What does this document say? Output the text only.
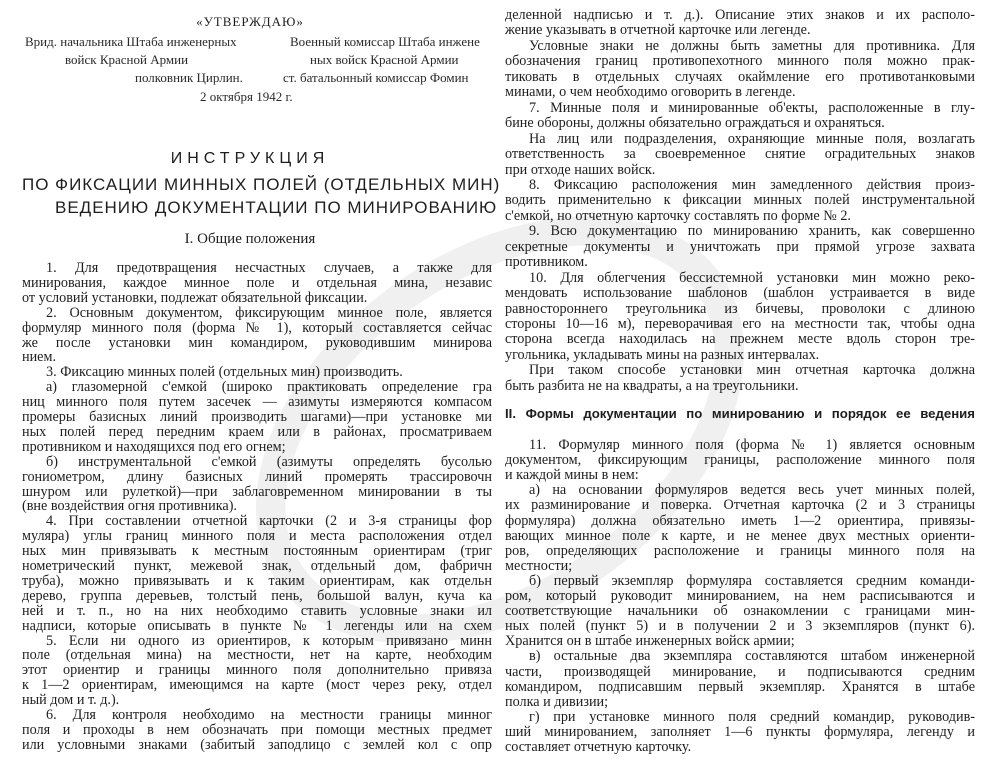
«УТВЕРЖДАЮ»
Врид. начальника Штаба инженерных
войск Красной Армии
полковник Цирлин.
Военный комиссар Штаба инжене
ных войск Красной Армии
ст. батальонный комиссар Фомин
2 октября 1942 г.
ИНСТРУКЦИЯ
ПО ФИКСАЦИИ МИННЫХ ПОЛЕЙ (ОТДЕЛЬНЫХ МИН)
ВЕДЕНИЮ ДОКУМЕНТАЦИИ ПО МИНИРОВАНИЮ
I. Общие положения
1. Для предотвращения несчастных случаев, а также для
минирования, каждое минное поле и отдельная мина, независ
от условий установки, подлежат обязательной фиксации.
2. Основным документом, фиксирующим минное поле, является
формуляр минного поля (форма № 1), который составляется сейчас
же после установки мин командиром, руководившим минирова
нием.
3. Фиксацию минных полей (отдельных мин) производить.
а) глазомерной с'емкой (широко практиковать определение гра
ниц минного поля путем засечек — азимуты измеряются компасом
промеры базисных линий производить шагами)—при установке ми
ных полей перед передним краем или в районах, просматриваем
противником и находящихся под его огнем;
б) инструментальной с'емкой (азимуты определять бусолью
гониометром, длину базисных линий промерять трассировочн
шнуром или рулеткой)—при заблаговременном минировании в ты
(вне воздействия огня противника).
4. При составлении отчетной карточки (2 и 3-я страницы фор
муляра) углы границ минного поля и места расположения отдел
ных мин привязывать к местным постоянным ориентирам (триг
нометрический пункт, межевой знак, отдельный дом, фабричн
труба), можно привязывать и к таким ориентирам, как отдельн
дерево, группа деревьев, толстый пень, большой валун, куча ка
ней и т. п., но на них необходимо ставить условные знаки ил
надписи, которые описывать в пункте № 1 легенды или на схем
5. Если ни одного из ориентиров, к которым привязано минн
поле (отдельная мина) на местности, нет на карте, необходим
этот ориентир и границы минного поля дополнительно привяза
к 1—2 ориентирам, имеющимся на карте (мост через реку, отдел
ный дом и т. д.).
6. Для контроля необходимо на местности границы минног
поля и проходы в нем обозначать при помощи местных предмет
или условными знаками (забитый заподлицо с землей кол с опр
деленной надписью и т. д.). Описание этих знаков и их располо-
жение указывать в отчетной карточке или легенде.
Условные знаки не должны быть заметны для противника. Для
обозначения границ противопехотного минного поля можно прак-
тиковать в отдельных случаях окаймление его противотанковыми
минами, о чем необходимо оговорить в легенде.
7. Минные поля и минированные об'екты, расположенные в глу-
бине обороны, должны обязательно ограждаться и охраняться.
На лиц или подразделения, охраняющие минные поля, возлагать
ответственность за своевременное снятие оградительных знаков
при отходе наших войск.
8. Фиксацию расположения мин замедленного действия произ-
водить применительно к фиксации минных полей инструментальной
с'емкой, но отчетную карточку составлять по форме № 2.
9. Всю документацию по минированию хранить, как совершенно
секретные документы и уничтожать при прямой угрозе захвата
противником.
10. Для облегчения бессистемной установки мин можно реко-
мендовать использование шаблонов (шаблон устраивается в виде
равностороннего треугольника из бичевы, проволоки с длиною
стороны 10—16 м), переворачивая его на местности так, чтобы одна
сторона всегда находилась на прежнем месте вдоль сторон тре-
угольника, укладывать мины на разных интервалах.
При таком способе установки мин отчетная карточка должна
быть разбита не на квадраты, а на треугольники.
II. Формы документации по минированию и порядок ее ведения
11. Формуляр минного поля (форма № 1) является основным
документом, фиксирующим границы, расположение минного поля
и каждой мины в нем:
а) на основании формуляров ведется весь учет минных полей,
их разминирование и поверка. Отчетная карточка (2 и 3 страницы
формуляра) должна обязательно иметь 1—2 ориентира, привязы-
вающих минное поле к карте, и не менее двух местных ориенти-
ров, определяющих расположение и границы минного поля на
местности;
б) первый экземпляр формуляра составляется средним команди-
ром, который руководит минированием, на нем расписываются и
соответствующие начальники об ознакомлении с границами мин-
ных полей (пункт 5) и в получении 2 и 3 экземпляров (пункт 6).
Хранится он в штабе инженерных войск армии;
в) остальные два экземпляра составляются штабом инженерной
части, производящей минирование, и подписываются средним
командиром, подписавшим первый экземпляр. Хранятся в штабе
полка и дивизии;
г) при установке минного поля средний командир, руководив-
ший минированием, заполняет 1—6 пункты формуляра, легенду и
составляет отчетную карточку.
